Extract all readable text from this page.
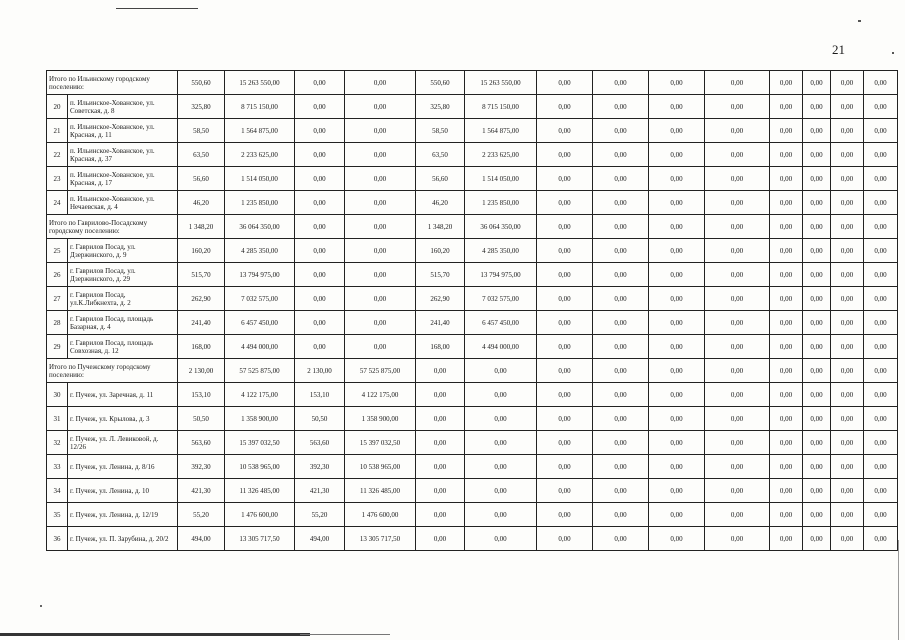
21
Итого по Ильинскому городскому поселению:		550,60	15 263 550,00	0,00	0,00	550,60	15 263 550,00	0,00	0,00	0,00	0,00	0,00	0,00	0,00	0,00
20	п. Ильинское-Хованское, ул. Советская, д. 8	325,80	8 715 150,00	0,00	0,00	325,80	8 715 150,00	0,00	0,00	0,00	0,00	0,00	0,00	0,00	0,00
21	п. Ильинское-Хованское, ул. Красная, д. 11	58,50	1 564 875,00	0,00	0,00	58,50	1 564 875,00	0,00	0,00	0,00	0,00	0,00	0,00	0,00	0,00
22	п. Ильинское-Хованское, ул. Красная, д. 37	63,50	2 233 625,00	0,00	0,00	63,50	2 233 625,00	0,00	0,00	0,00	0,00	0,00	0,00	0,00	0,00
23	п. Ильинское-Хованское, ул. Красная, д. 17	56,60	1 514 050,00	0,00	0,00	56,60	1 514 050,00	0,00	0,00	0,00	0,00	0,00	0,00	0,00	0,00
24	п. Ильинское-Хованское, ул. Нечаевская, д. 4	46,20	1 235 850,00	0,00	0,00	46,20	1 235 850,00	0,00	0,00	0,00	0,00	0,00	0,00	0,00	0,00
Итого по Гаврилово-Посадскому городскому поселению:		1 348,20	36 064 350,00	0,00	0,00	1 348,20	36 064 350,00	0,00	0,00	0,00	0,00	0,00	0,00	0,00	0,00
25	г. Гаврилов Посад, ул. Дзержинского, д. 9	160,20	4 285 350,00	0,00	0,00	160,20	4 285 350,00	0,00	0,00	0,00	0,00	0,00	0,00	0,00	0,00
26	г. Гаврилов Посад, ул. Дзержинского, д. 29	515,70	13 794 975,00	0,00	0,00	515,70	13 794 975,00	0,00	0,00	0,00	0,00	0,00	0,00	0,00	0,00
27	г. Гаврилов Посад, ул.К.Либкнехта, д. 2	262,90	7 032 575,00	0,00	0,00	262,90	7 032 575,00	0,00	0,00	0,00	0,00	0,00	0,00	0,00	0,00
28	г. Гаврилов Посад, площадь Базарная, д. 4	241,40	6 457 450,00	0,00	0,00	241,40	6 457 450,00	0,00	0,00	0,00	0,00	0,00	0,00	0,00	0,00
29	г. Гаврилов Посад, площадь Совхозная, д. 12	168,00	4 494 000,00	0,00	0,00	168,00	4 494 000,00	0,00	0,00	0,00	0,00	0,00	0,00	0,00	0,00
Итого по Пучежскому городскому поселению:		2 130,00	57 525 875,00	2 130,00	57 525 875,00	0,00	0,00	0,00	0,00	0,00	0,00	0,00	0,00	0,00	0,00
30	г. Пучеж, ул. Заречная, д. 11	153,10	4 122 175,00	153,10	4 122 175,00	0,00	0,00	0,00	0,00	0,00	0,00	0,00	0,00	0,00	0,00
31	г. Пучеж, ул. Крылова, д. 3	50,50	1 358 900,00	50,50	1 358 900,00	0,00	0,00	0,00	0,00	0,00	0,00	0,00	0,00	0,00	0,00
32	г. Пучеж, ул. Л. Левиковой, д. 12/26	563,60	15 397 032,50	563,60	15 397 032,50	0,00	0,00	0,00	0,00	0,00	0,00	0,00	0,00	0,00	0,00
33	г. Пучеж, ул. Ленина, д. 8/16	392,30	10 538 965,00	392,30	10 538 965,00	0,00	0,00	0,00	0,00	0,00	0,00	0,00	0,00	0,00	0,00
34	г. Пучеж, ул. Ленина, д. 10	421,30	11 326 485,00	421,30	11 326 485,00	0,00	0,00	0,00	0,00	0,00	0,00	0,00	0,00	0,00	0,00
35	г. Пучеж, ул. Ленина, д. 12/19	55,20	1 476 600,00	55,20	1 476 600,00	0,00	0,00	0,00	0,00	0,00	0,00	0,00	0,00	0,00	0,00
36	г. Пучеж, ул. П. Зарубина, д. 20/2	494,00	13 305 717,50	494,00	13 305 717,50	0,00	0,00	0,00	0,00	0,00	0,00	0,00	0,00	0,00	0,00
